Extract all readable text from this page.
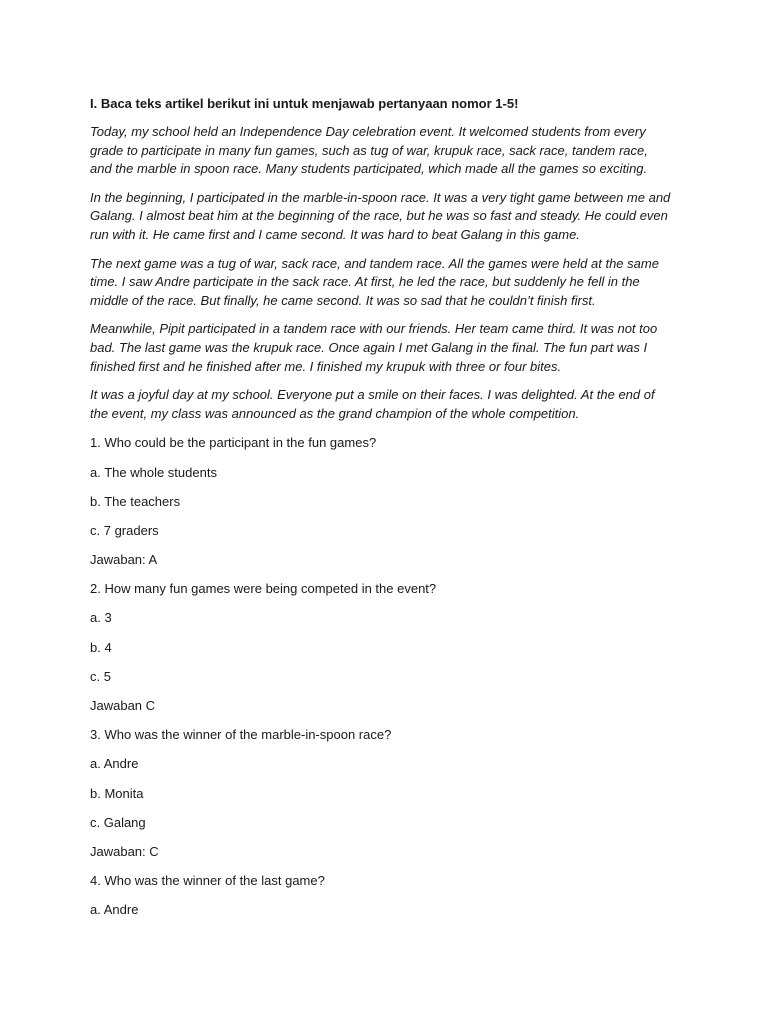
I. Baca teks artikel berikut ini untuk menjawab pertanyaan nomor 1-5!

Today, my school held an Independence Day celebration event. It welcomed students from every grade to participate in many fun games, such as tug of war, krupuk race, sack race, tandem race, and the marble in spoon race. Many students participated, which made all the games so exciting.

In the beginning, I participated in the marble-in-spoon race. It was a very tight game between me and Galang. I almost beat him at the beginning of the race, but he was so fast and steady. He could even run with it. He came first and I came second. It was hard to beat Galang in this game.

The next game was a tug of war, sack race, and tandem race. All the games were held at the same time. I saw Andre participate in the sack race. At first, he led the race, but suddenly he fell in the middle of the race. But finally, he came second. It was so sad that he couldn’t finish first.

Meanwhile, Pipit participated in a tandem race with our friends. Her team came third. It was not too bad. The last game was the krupuk race. Once again I met Galang in the final. The fun part was I finished first and he finished after me. I finished my krupuk with three or four bites.

It was a joyful day at my school. Everyone put a smile on their faces. I was delighted. At the end of the event, my class was announced as the grand champion of the whole competition.

1. Who could be the participant in the fun games?

a. The whole students

b. The teachers

c. 7 graders

Jawaban: A

2. How many fun games were being competed in the event?

a. 3

b. 4

c. 5

Jawaban C

3. Who was the winner of the marble-in-spoon race?

a. Andre

b. Monita

c. Galang

Jawaban: C

4. Who was the winner of the last game?

a. Andre
